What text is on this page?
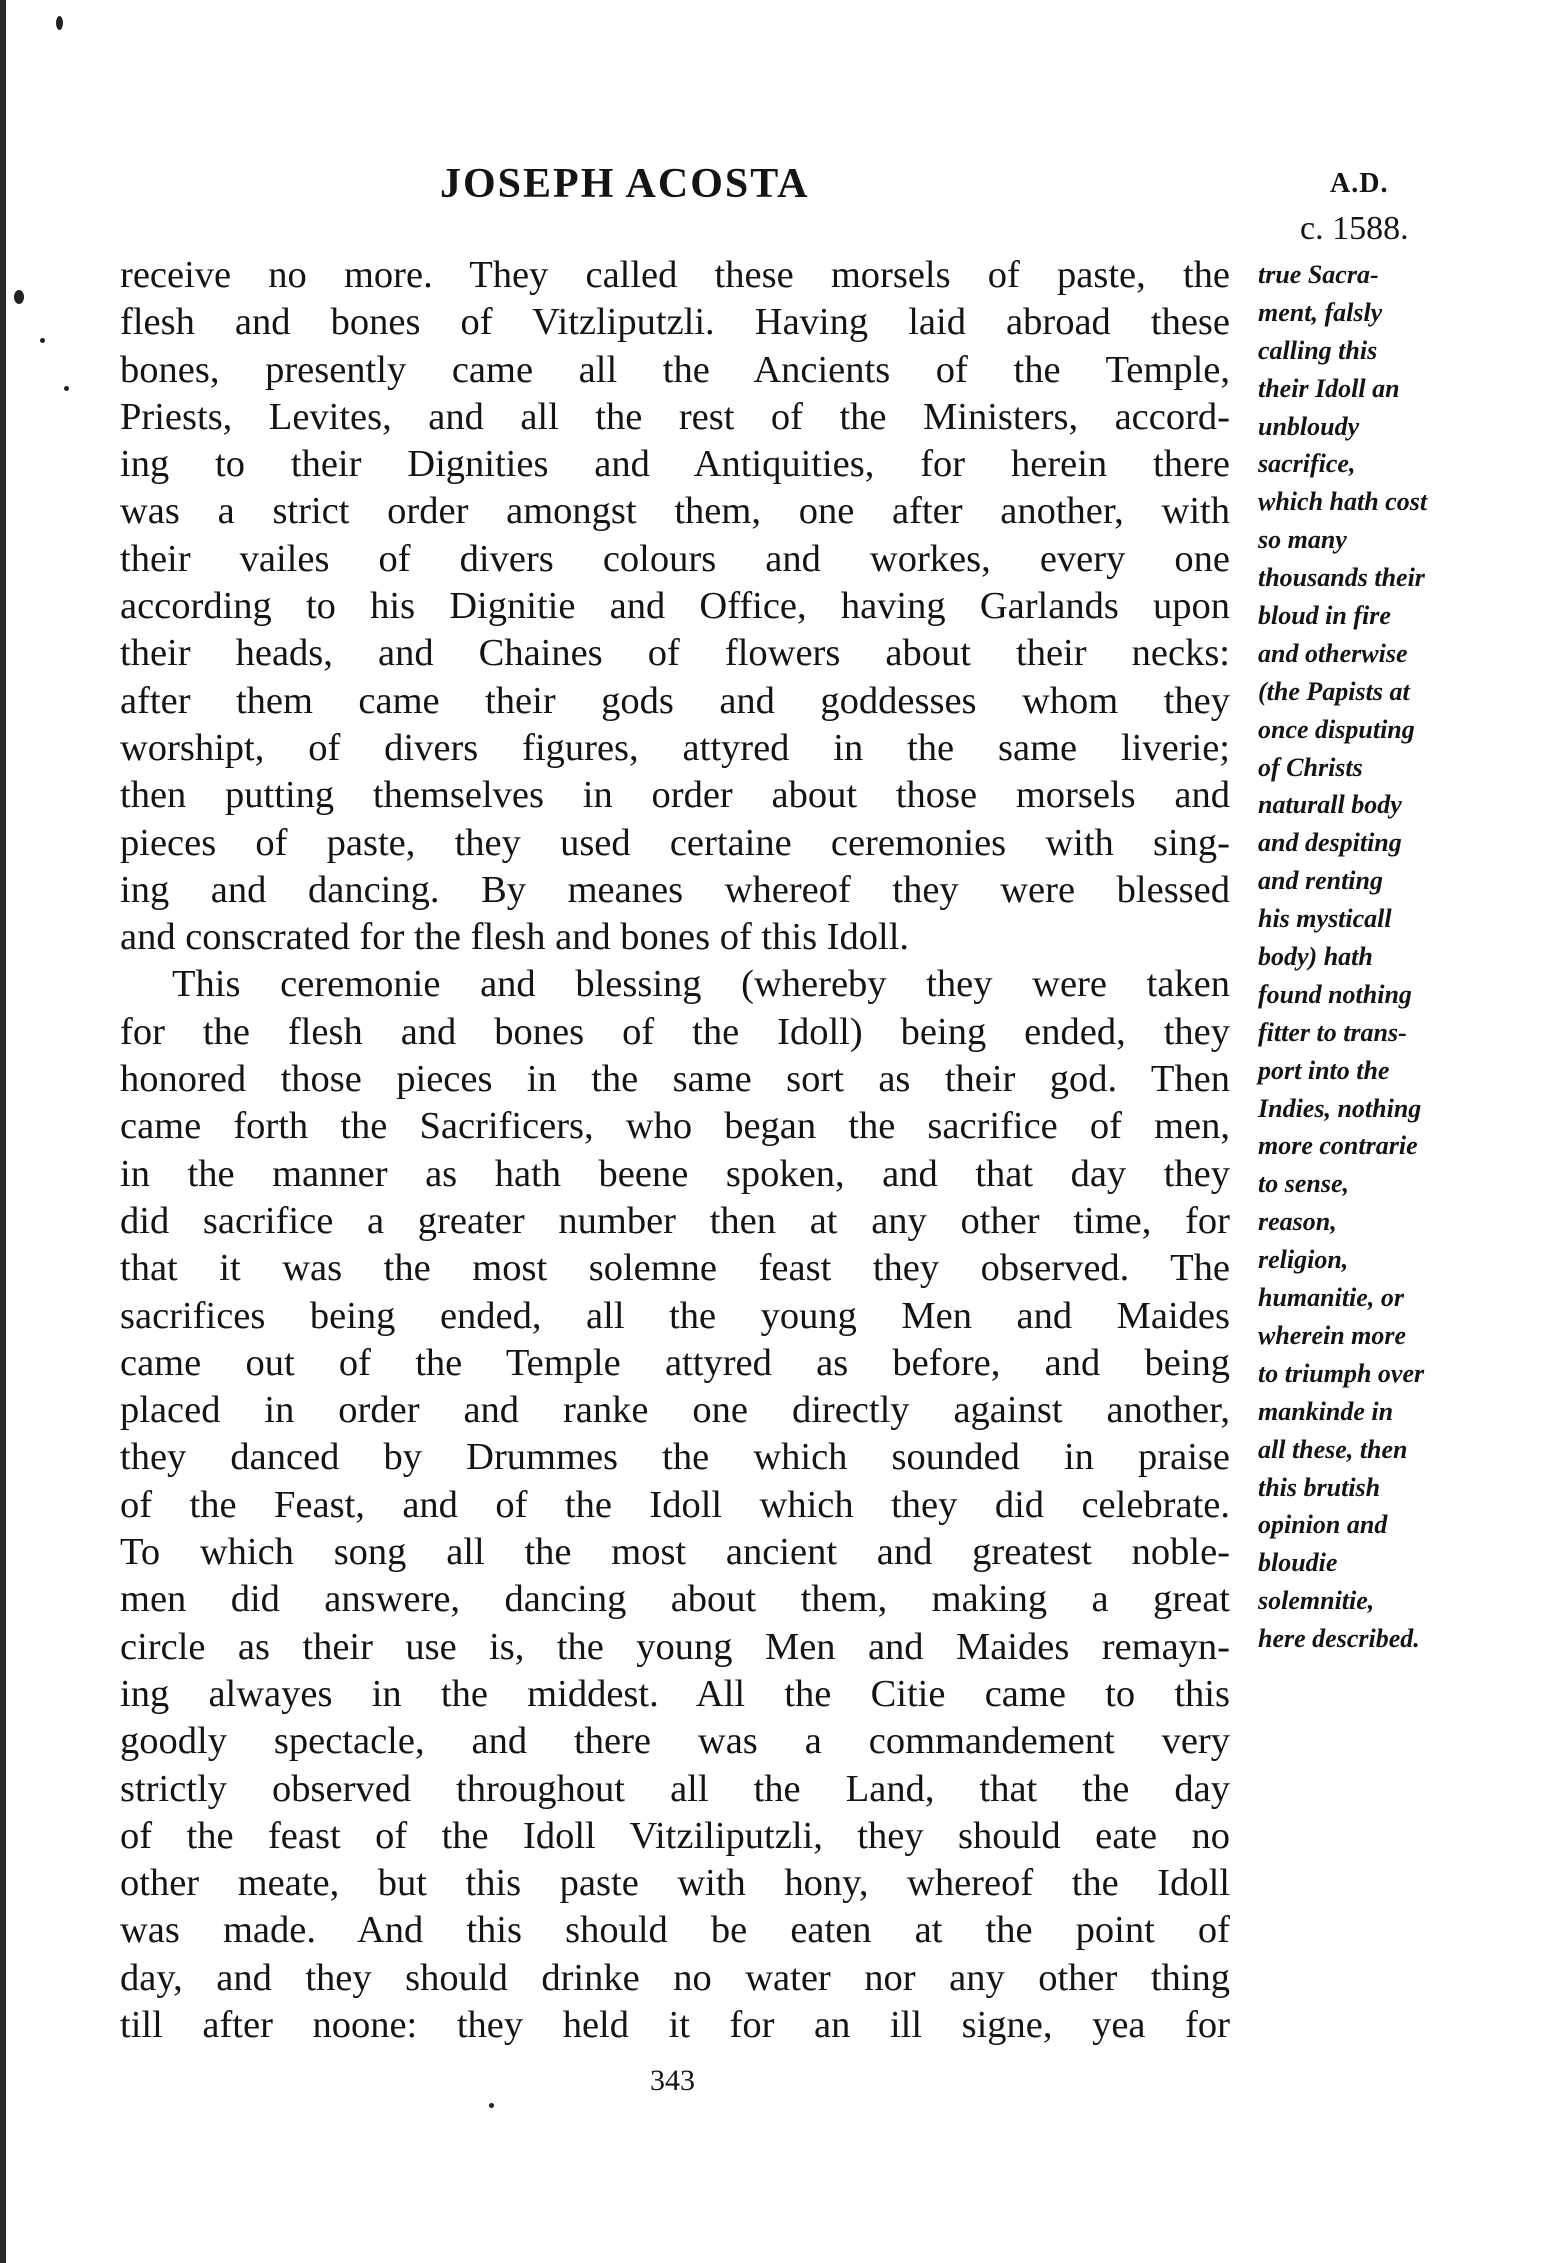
JOSEPH ACOSTA	A.D.
c. 1588.
receive no more. They called these morsels of paste, the
flesh and bones of Vitzliputzli. Having laid abroad these
bones, presently came all the Ancients of the Temple,
Priests, Levites, and all the rest of the Ministers, accord-
ing to their Dignities and Antiquities, for herein there
was a strict order amongst them, one after another, with
their vailes of divers colours and workes, every one
according to his Dignitie and Office, having Garlands upon
their heads, and Chaines of flowers about their necks:
after them came their gods and goddesses whom they
worshipt, of divers figures, attyred in the same liverie;
then putting themselves in order about those morsels and
pieces of paste, they used certaine ceremonies with sing-
ing and dancing. By meanes whereof they were blessed
and conscrated for the flesh and bones of this Idoll.
This ceremonie and blessing (whereby they were taken
for the flesh and bones of the Idoll) being ended, they
honored those pieces in the same sort as their god. Then
came forth the Sacrificers, who began the sacrifice of men,
in the manner as hath beene spoken, and that day they
did sacrifice a greater number then at any other time, for
that it was the most solemne feast they observed. The
sacrifices being ended, all the young Men and Maides
came out of the Temple attyred as before, and being
placed in order and ranke one directly against another,
they danced by Drummes the which sounded in praise
of the Feast, and of the Idoll which they did celebrate.
To which song all the most ancient and greatest noble-
men did answere, dancing about them, making a great
circle as their use is, the young Men and Maides remayn-
ing alwayes in the middest. All the Citie came to this
goodly spectacle, and there was a commandement very
strictly observed throughout all the Land, that the day
of the feast of the Idoll Vitziliputzli, they should eate no
other meate, but this paste with hony, whereof the Idoll
was made. And this should be eaten at the point of
day, and they should drinke no water nor any other thing
till after noone: they held it for an ill signe, yea for
true Sacra-
ment, falsly
calling this
their Idoll an
unbloudy
sacrifice,
which hath cost
so many
thousands their
bloud in fire
and otherwise
(the Papists at
once disputing
of Christs
naturall body
and despiting
and renting
his mysticall
body) hath
found nothing
fitter to trans-
port into the
Indies, nothing
more contrarie
to sense,
reason,
religion,
humanitie, or
wherein more
to triumph over
mankinde in
all these, then
this brutish
opinion and
bloudie
solemnitie,
here described.
343
